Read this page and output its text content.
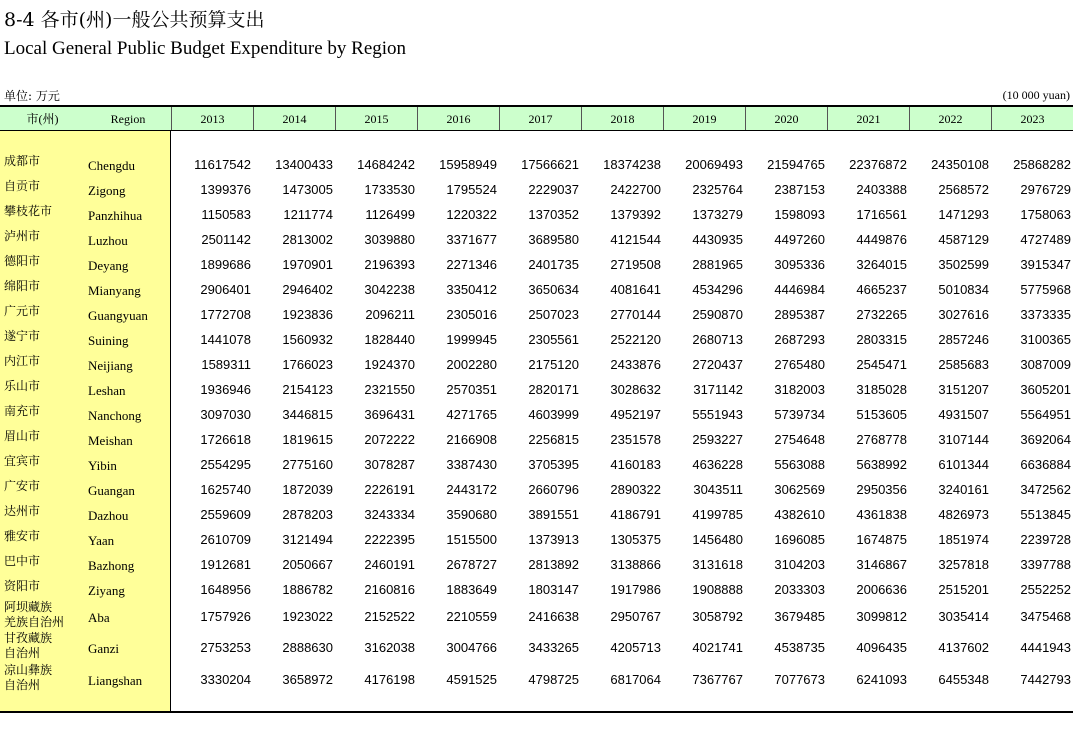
8-4 各市(州)一般公共预算支出
Local General Public Budget Expenditure by Region
单位: 万元	(10 000 yuan)
市(州)	Region	2013	2014	2015	2016	2017	2018	2019	2020	2021	2022	2023
成都市	Chengdu	11617542	13400433	14684242	15958949	17566621	18374238	20069493	21594765	22376872	24350108	25868282
自贡市	Zigong	1399376	1473005	1733530	1795524	2229037	2422700	2325764	2387153	2403388	2568572	2976729
攀枝花市	Panzhihua	1150583	1211774	1126499	1220322	1370352	1379392	1373279	1598093	1716561	1471293	1758063
泸州市	Luzhou	2501142	2813002	3039880	3371677	3689580	4121544	4430935	4497260	4449876	4587129	4727489
德阳市	Deyang	1899686	1970901	2196393	2271346	2401735	2719508	2881965	3095336	3264015	3502599	3915347
绵阳市	Mianyang	2906401	2946402	3042238	3350412	3650634	4081641	4534296	4446984	4665237	5010834	5775968
广元市	Guangyuan	1772708	1923836	2096211	2305016	2507023	2770144	2590870	2895387	2732265	3027616	3373335
遂宁市	Suining	1441078	1560932	1828440	1999945	2305561	2522120	2680713	2687293	2803315	2857246	3100365
内江市	Neijiang	1589311	1766023	1924370	2002280	2175120	2433876	2720437	2765480	2545471	2585683	3087009
乐山市	Leshan	1936946	2154123	2321550	2570351	2820171	3028632	3171142	3182003	3185028	3151207	3605201
南充市	Nanchong	3097030	3446815	3696431	4271765	4603999	4952197	5551943	5739734	5153605	4931507	5564951
眉山市	Meishan	1726618	1819615	2072222	2166908	2256815	2351578	2593227	2754648	2768778	3107144	3692064
宜宾市	Yibin	2554295	2775160	3078287	3387430	3705395	4160183	4636228	5563088	5638992	6101344	6636884
广安市	Guangan	1625740	1872039	2226191	2443172	2660796	2890322	3043511	3062569	2950356	3240161	3472562
达州市	Dazhou	2559609	2878203	3243334	3590680	3891551	4186791	4199785	4382610	4361838	4826973	5513845
雅安市	Yaan	2610709	3121494	2222395	1515500	1373913	1305375	1456480	1696085	1674875	1851974	2239728
巴中市	Bazhong	1912681	2050667	2460191	2678727	2813892	3138866	3131618	3104203	3146867	3257818	3397788
资阳市	Ziyang	1648956	1886782	2160816	1883649	1803147	1917986	1908888	2033303	2006636	2515201	2552252
阿坝藏族
羌族自治州 Aba	1757926	1923022	2152522	2210559	2416638	2950767	3058792	3679485	3099812	3035414	3475468
甘孜藏族
自治州	Ganzi	2753253	2888630	3162038	3004766	3433265	4205713	4021741	4538735	4096435	4137602	4441943
凉山彝族
自治州	Liangshan	3330204	3658972	4176198	4591525	4798725	6817064	7367767	7077673	6241093	6455348	7442793
